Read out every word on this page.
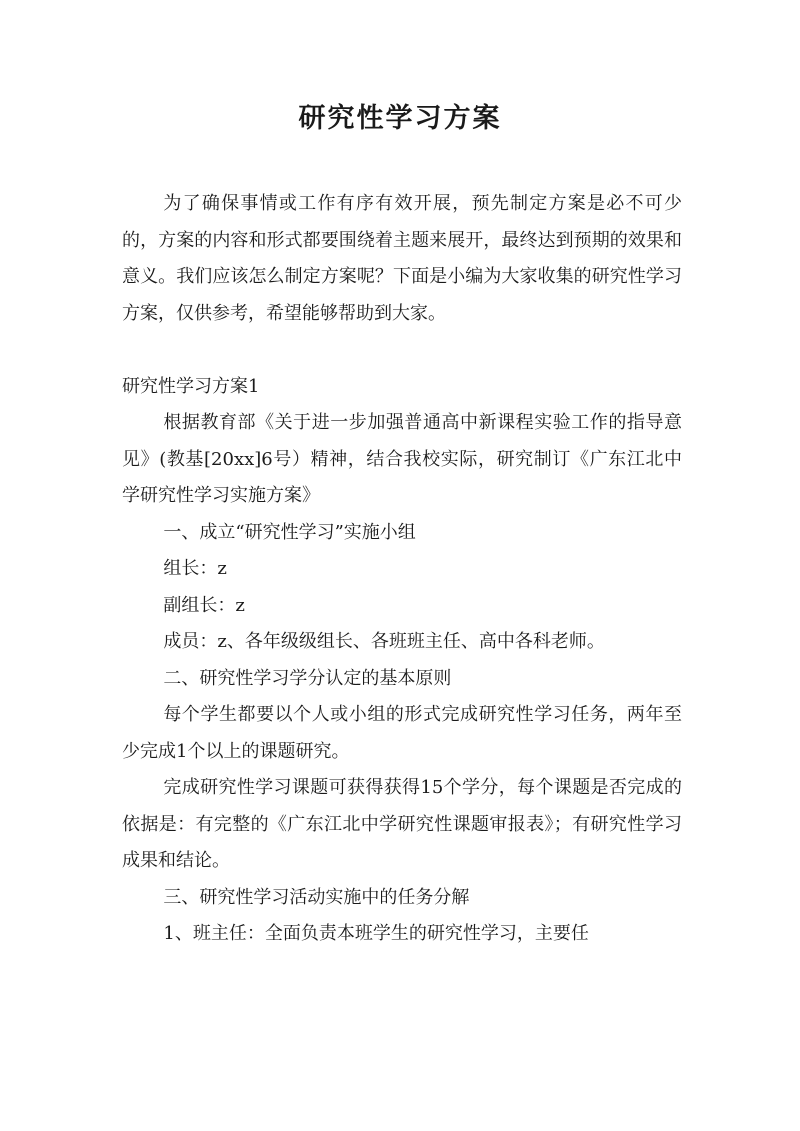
研究性学习方案

为了确保事情或工作有序有效开展，预先制定方案是必不可少的，方案的内容和形式都要围绕着主题来展开，最终达到预期的效果和意义。我们应该怎么制定方案呢？下面是小编为大家收集的研究性学习方案，仅供参考，希望能够帮助到大家。

研究性学习方案1

根据教育部《关于进一步加强普通高中新课程实验工作的指导意见》(教基[20xx]6号）精神，结合我校实际，研究制订《广东江北中学研究性学习实施方案》

一、成立“研究性学习”实施小组

组长：z

副组长：z

成员：z、各年级级组长、各班班主任、高中各科老师。

二、研究性学习学分认定的基本原则

每个学生都要以个人或小组的形式完成研究性学习任务，两年至少完成1个以上的课题研究。

完成研究性学习课题可获得获得15个学分，每个课题是否完成的依据是：有完整的《广东江北中学研究性课题审报表》；有研究性学习成果和结论。

三、研究性学习活动实施中的任务分解

1、班主任：全面负责本班学生的研究性学习，主要任
